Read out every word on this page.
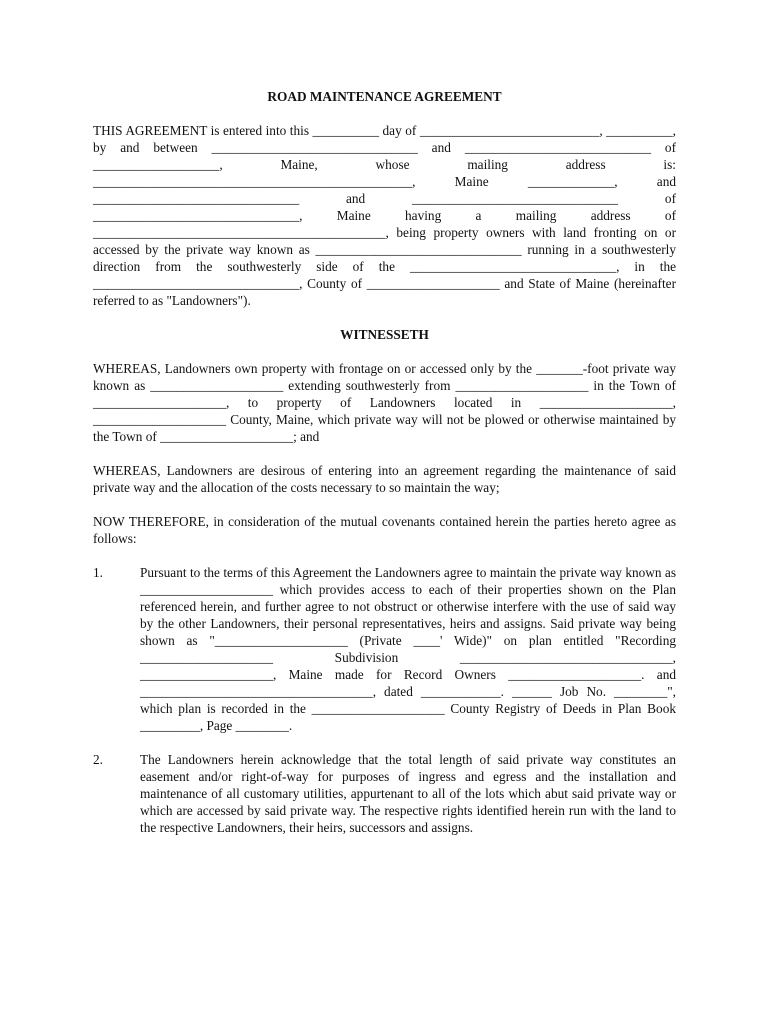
ROAD MAINTENANCE AGREEMENT

THIS AGREEMENT is entered into this __________ day of ___________________________, __________, by and between _______________________________ and ____________________________ of ___________________, Maine, whose mailing address is: ________________________________________________, Maine _____________, and _______________________________ and _______________________________ of _______________________________, Maine having a mailing address of ____________________________________________, being property owners with land fronting on or accessed by the private way known as _______________________________ running in a southwesterly direction from the southwesterly side of the _______________________________, in the _______________________________, County of ____________________ and State of Maine (hereinafter referred to as "Landowners").

WITNESSETH

WHEREAS, Landowners own property with frontage on or accessed only by the _______-foot private way known as ____________________ extending southwesterly from ____________________ in the Town of ____________________, to property of Landowners located in ____________________, ____________________ County, Maine, which private way will not be plowed or otherwise maintained by the Town of ____________________; and

WHEREAS, Landowners are desirous of entering into an agreement regarding the maintenance of said private way and the allocation of the costs necessary to so maintain the way;

NOW THEREFORE, in consideration of the mutual covenants contained herein the parties hereto agree as follows:

1.	Pursuant to the terms of this Agreement the Landowners agree to maintain the private way known as ____________________ which provides access to each of their properties shown on the Plan referenced herein, and further agree to not obstruct or otherwise interfere with the use of said way by the other Landowners, their personal representatives, heirs and assigns. Said private way being shown as "____________________ (Private ____' Wide)" on plan entitled "Recording ____________________ Subdivision ________________________________, ____________________, Maine made for Record Owners ____________________. and ___________________________________, dated ____________. ______ Job No. ________", which plan is recorded in the ____________________ County Registry of Deeds in Plan Book _________, Page ________.
2.	The Landowners herein acknowledge that the total length of said private way constitutes an easement and/or right-of-way for purposes of ingress and egress and the installation and maintenance of all customary utilities, appurtenant to all of the lots which abut said private way or which are accessed by said private way. The respective rights identified herein run with the land to the respective Landowners, their heirs, successors and assigns.
